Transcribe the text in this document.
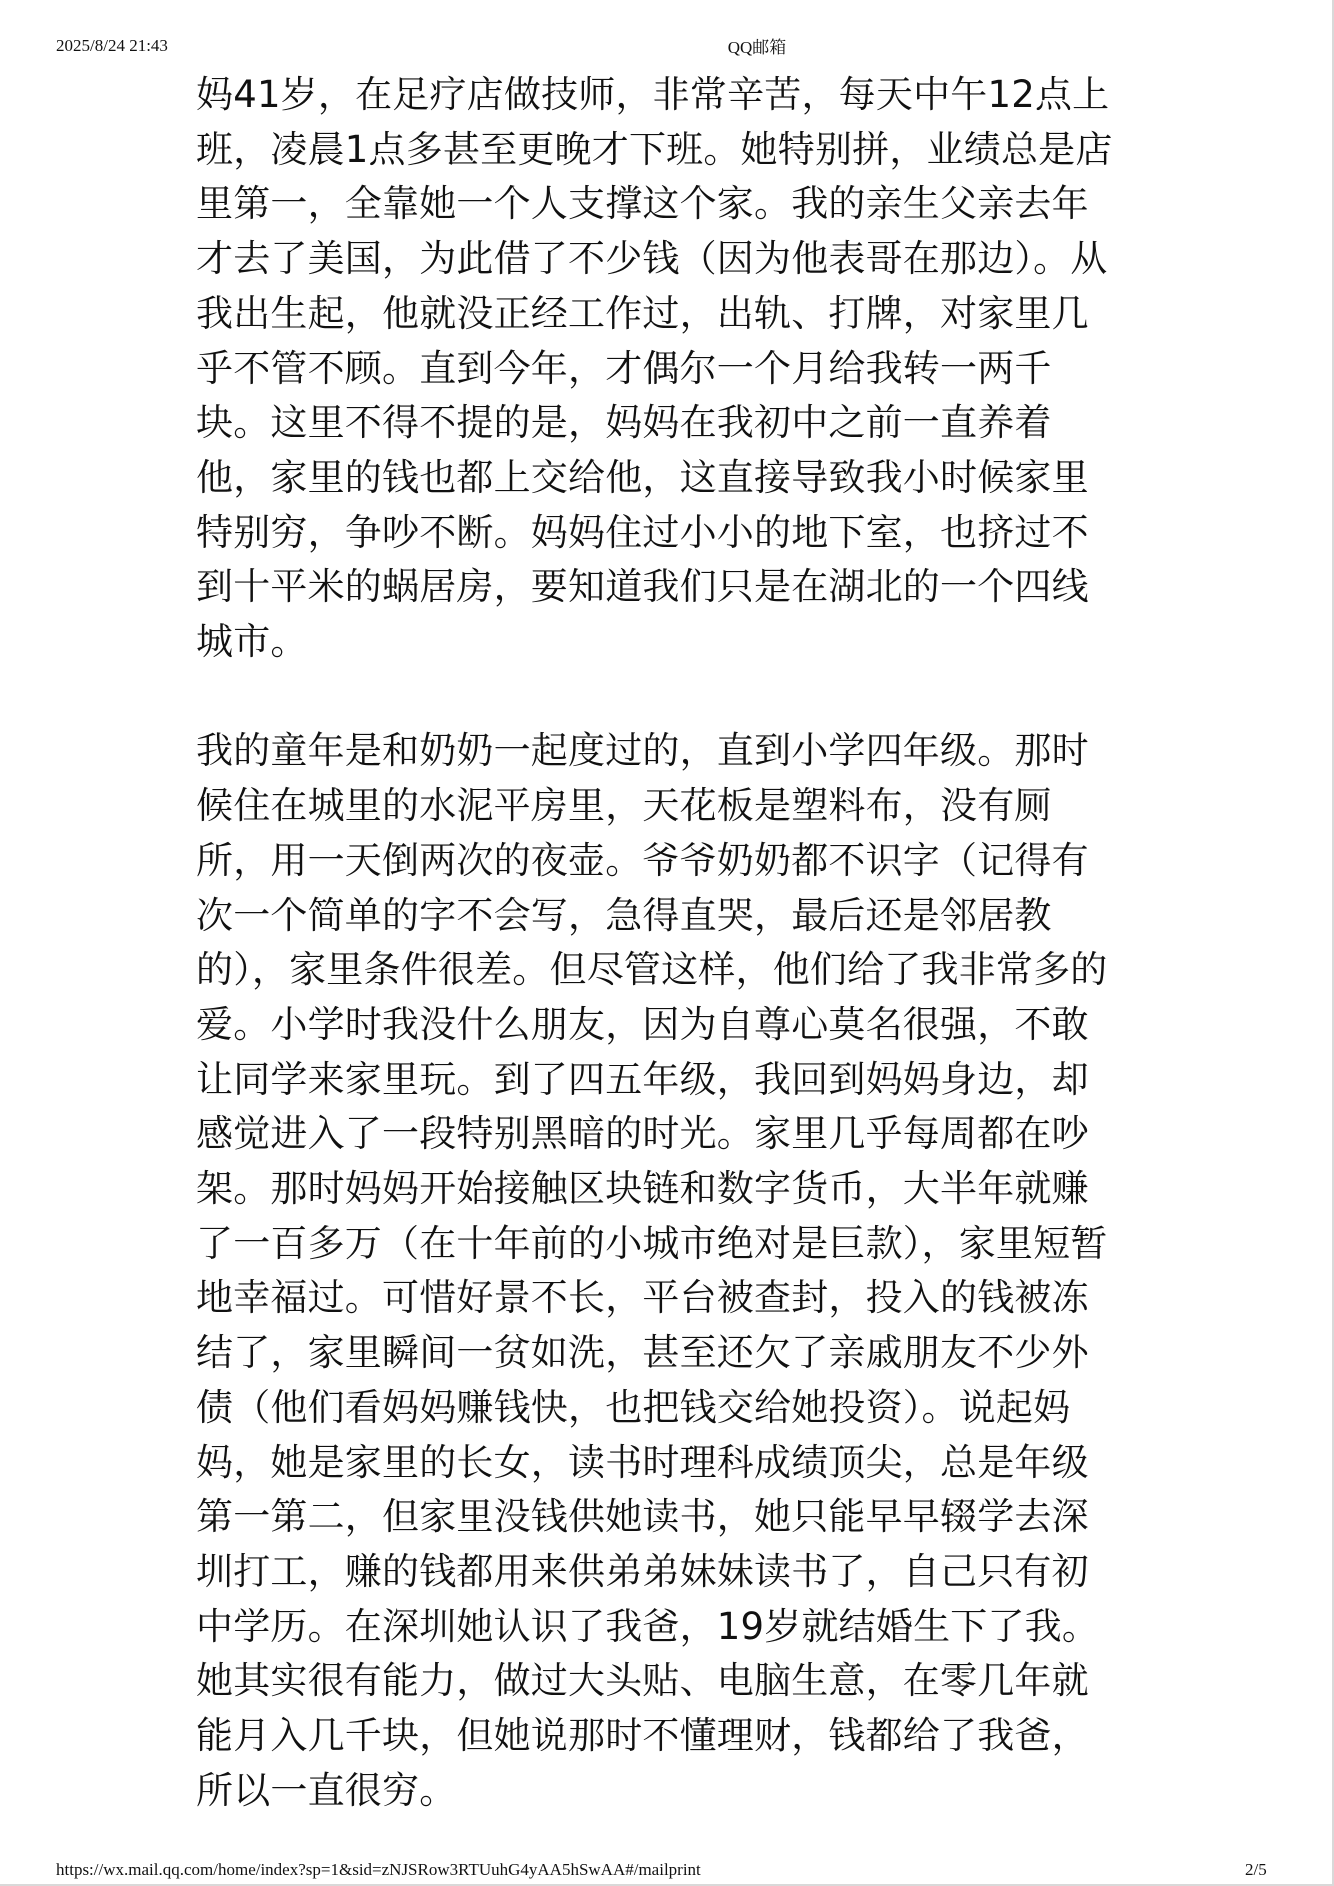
2025/8/24 21:43	QQ邮箱
妈41岁，在足疗店做技师，非常辛苦，每天中午12点上
班，凌晨1点多甚至更晚才下班。她特别拼，业绩总是店
里第一，全靠她一个人支撑这个家。我的亲生父亲去年
才去了美国，为此借了不少钱（因为他表哥在那边）。从
我出生起，他就没正经工作过，出轨、打牌，对家里几
乎不管不顾。直到今年，才偶尔一个月给我转一两千
块。这里不得不提的是，妈妈在我初中之前一直养着
他，家里的钱也都上交给他，这直接导致我小时候家里
特别穷，争吵不断。妈妈住过小小的地下室，也挤过不
到十平米的蜗居房，要知道我们只是在湖北的一个四线
城市。
我的童年是和奶奶一起度过的，直到小学四年级。那时
候住在城里的水泥平房里，天花板是塑料布，没有厕
所，用一天倒两次的夜壶。爷爷奶奶都不识字（记得有
次一个简单的字不会写，急得直哭，最后还是邻居教
的），家里条件很差。但尽管这样，他们给了我非常多的
爱。小学时我没什么朋友，因为自尊心莫名很强，不敢
让同学来家里玩。到了四五年级，我回到妈妈身边，却
感觉进入了一段特别黑暗的时光。家里几乎每周都在吵
架。那时妈妈开始接触区块链和数字货币，大半年就赚
了一百多万（在十年前的小城市绝对是巨款），家里短暂
地幸福过。可惜好景不长，平台被查封，投入的钱被冻
结了，家里瞬间一贫如洗，甚至还欠了亲戚朋友不少外
债（他们看妈妈赚钱快，也把钱交给她投资）。说起妈
妈，她是家里的长女，读书时理科成绩顶尖，总是年级
第一第二，但家里没钱供她读书，她只能早早辍学去深
圳打工，赚的钱都用来供弟弟妹妹读书了，自己只有初
中学历。在深圳她认识了我爸，19岁就结婚生下了我。
她其实很有能力，做过大头贴、电脑生意，在零几年就
能月入几千块，但她说那时不懂理财，钱都给了我爸，
所以一直很穷。
https://wx.mail.qq.com/home/index?sp=1&sid=zNJSRow3RTUuhG4yAA5hSwAA#/mailprint	2/5
